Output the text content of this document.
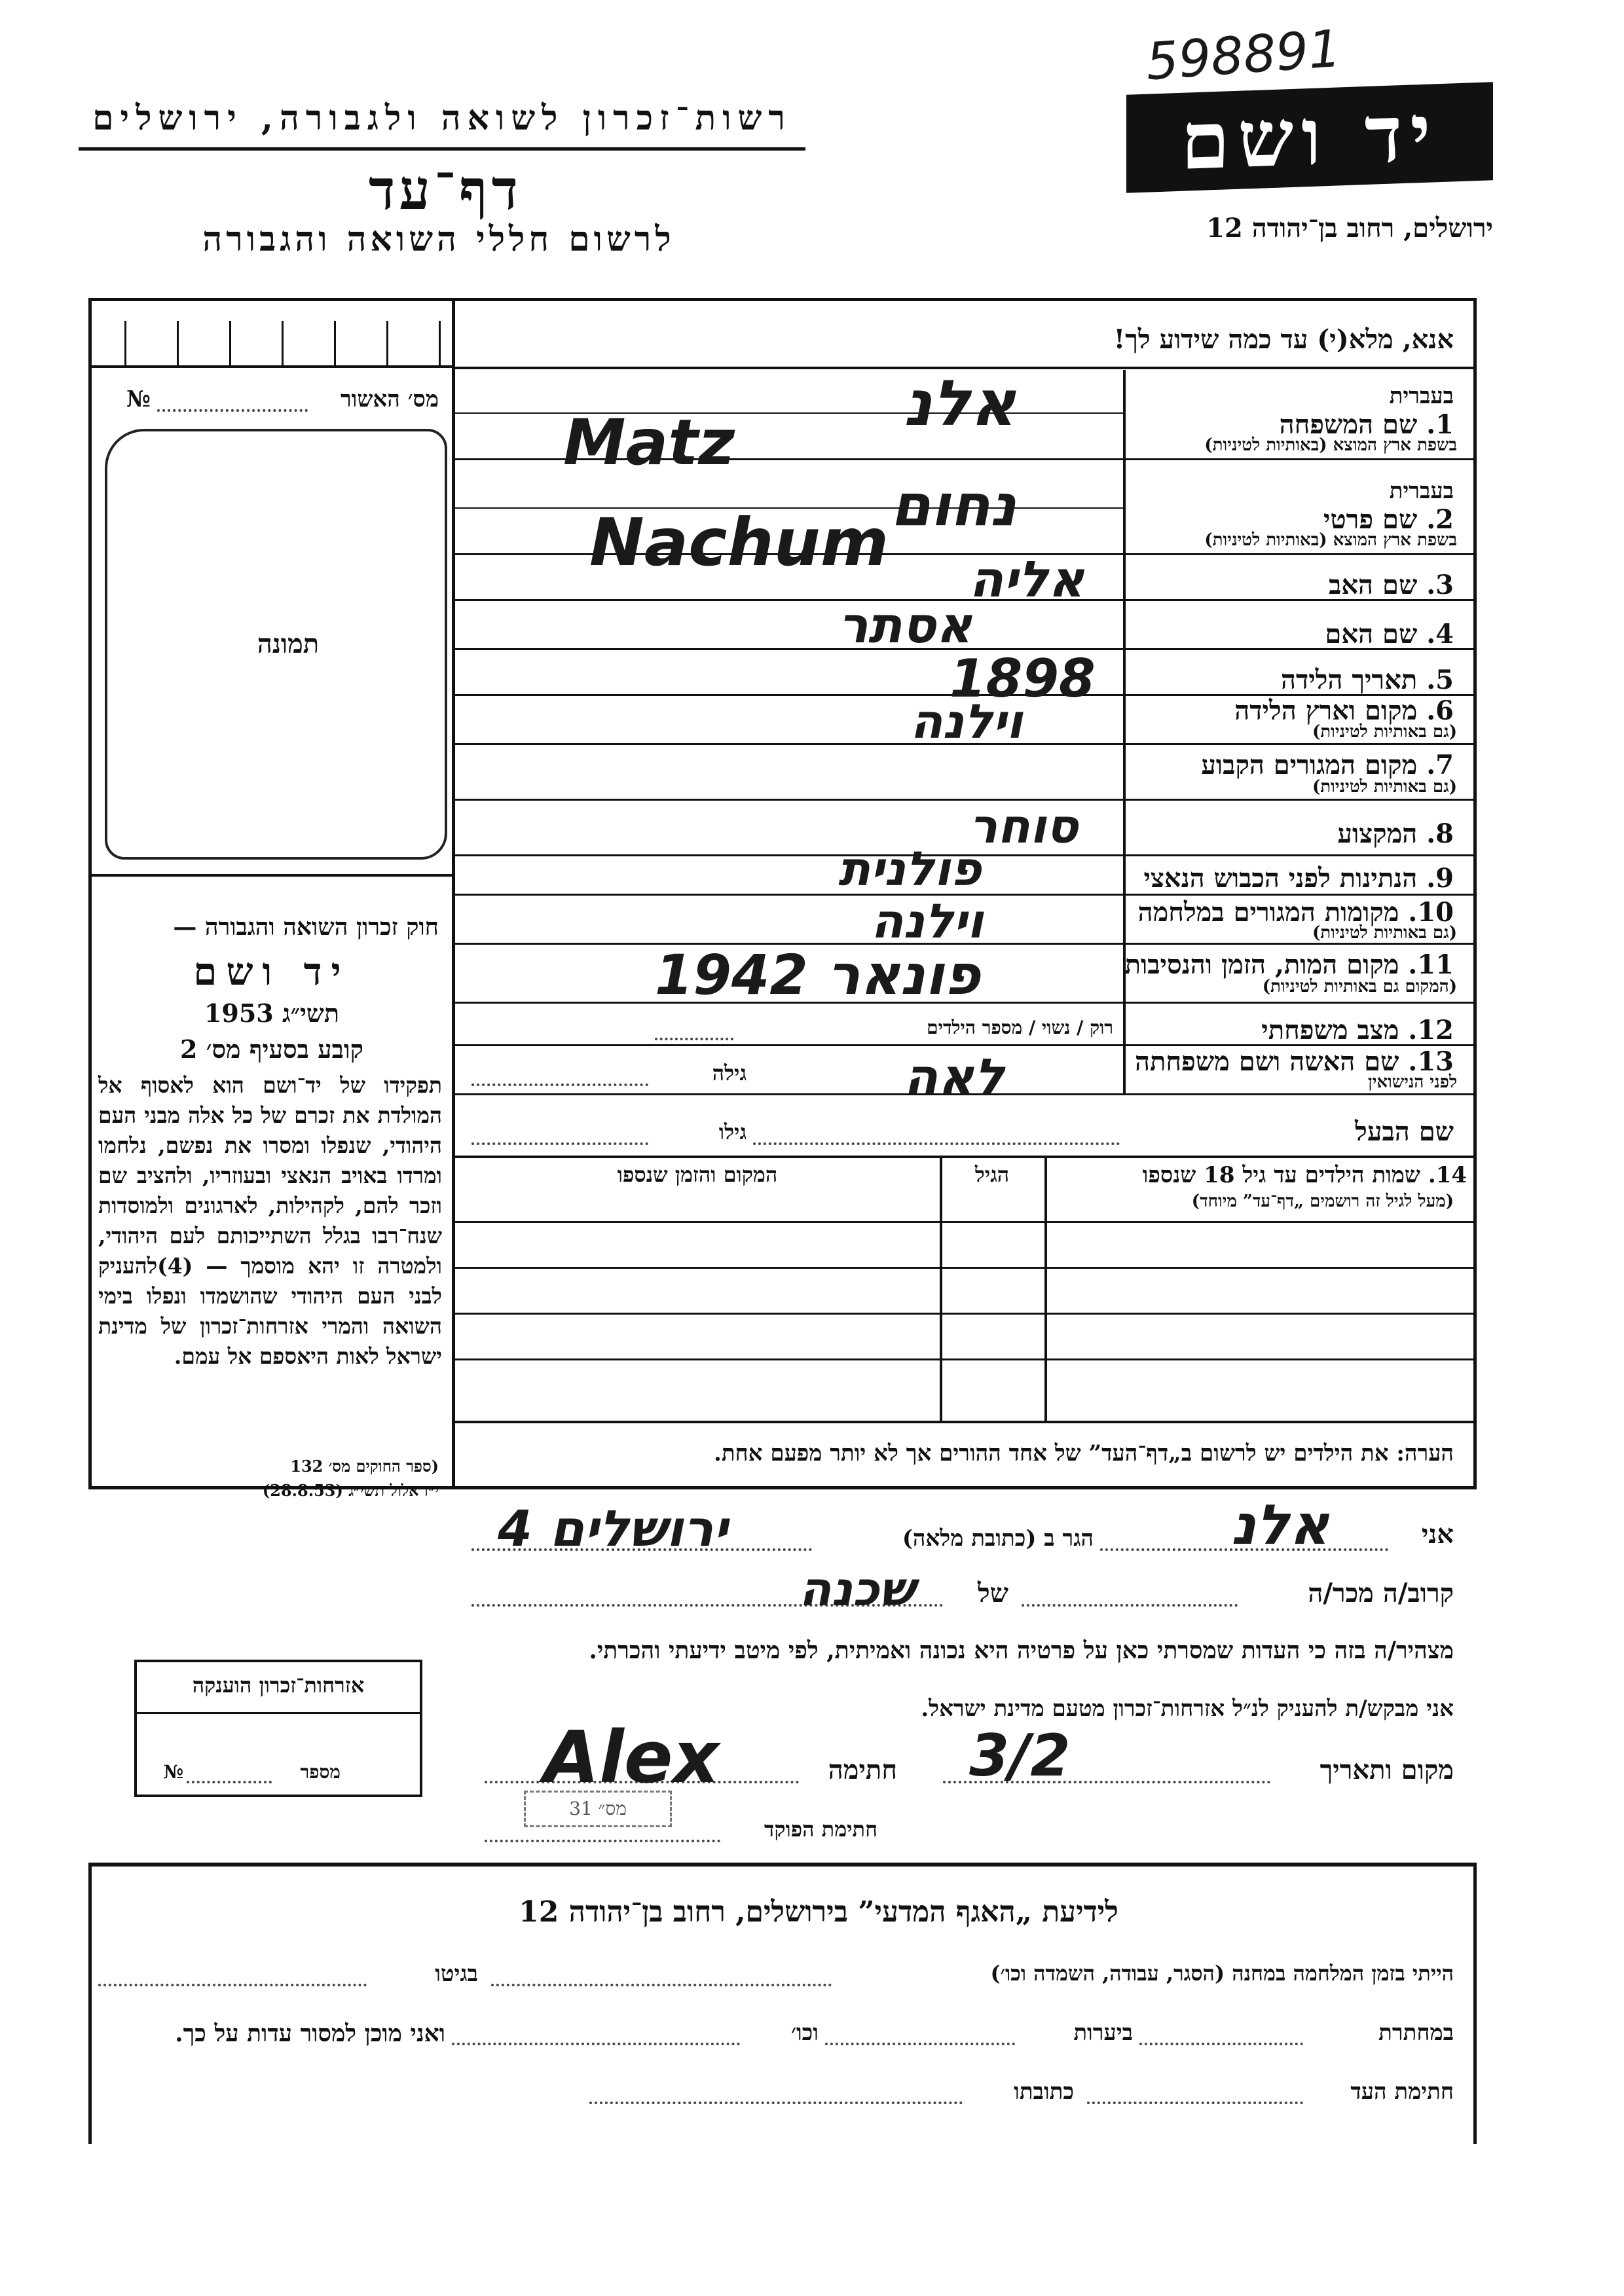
598891
רשות־זכרון לשואה ולגבורה, ירושלים
דף־עד
לרשום חללי השואה והגבורה
יד ושם
ירושלים, רחוב בן־יהודה 12
אנא, מלא(י) עד כמה שידוע לך!
מס׳ האשור
№
תמונה
חוק זכרון השואה והגבורה —
יד ושם
תשי״ג 1953
קובע בסעיף מס׳ 2
תפקידו של יד־ושם הוא לאסוף אל המולדת את זכרם של כל אלה מבני העם היהודי, שנפלו ומסרו את נפשם, נלחמו ומרדו באויב הנאצי ובעוזריו, ולהציב שם וזכר להם, לקהילות, לארגונים ולמוסדות שנח־רבו בגלל השתייכותם לעם היהודי, ולמטרה זו יהא מוסמך — (4)להעניק לבני העם היהודי שהושמדו ונפלו בימי השואה והמרי אזרחות־זכרון של מדינת ישראל לאות היאספם אל עמם.
(ספר החוקים מס׳ 132
י״ז אלול תשי״ג (28.8.53)
בעברית
1. שם המשפחה
בשפת ארץ המוצא (באותיות לטיניות)
בעברית
2. שם פרטי
בשפת ארץ המוצא (באותיות לטיניות)
3. שם האב
4. שם האם
5. תאריך הלידה
6. מקום וארץ הלידה
(גם באותיות לטיניות)
7. מקום המגורים הקבוע
(גם באותיות לטיניות)
8. המקצוע
9. הנתינות לפני הכבוש הנאצי
10. מקומות המגורים במלחמה
(גם באותיות לטיניות)
11. מקום המות, הזמן והנסיבות
(המקום גם באותיות לטיניות)
12. מצב משפחתי
13. שם האשה ושם משפחתה
לפני הנישואין
רוק / נשוי / מספר הילדים
גילה
שם הבעל
גילו
14. שמות הילדים עד גיל 18 שנספו
(מעל לגיל זה רושמים „דף־עד” מיוחד)
הגיל
המקום והזמן שנספו
הערה: את הילדים יש לרשום ב„דף־העד” של אחד ההורים אך לא יותר מפעם אחת.
אזרחות־זכרון הוענקה
מספר
№
אני
הגר ב (כתובת מלאה)
קרוב/ה מכר/ה
של
מצהיר/ה בזה כי העדות שמסרתי כאן על פרטיה היא נכונה ואמיתית, לפי מיטב ידיעתי והכרתי.
אני מבקש/ת להעניק לנ״ל אזרחות־זכרון מטעם מדינת ישראל.
מקום ותאריך
חתימה
מס״ 31
חתימת הפוקד
אלנ
Matz
נחום
Nachum אליה
אסתר
1898
וילנה
סוחר
פולנית
וילנה
פונאר 1942
לאה
אלנ
ירושלים 4
שכנה
3/2
Alex
לידיעת „האגף המדעי” בירושלים, רחוב בן־יהודה 12
הייתי בזמן המלחמה במחנה (הסגר, עבודה, השמדה וכו׳)
בגיטו
במחתרת
ביערות
וכו׳
ואני מוכן למסור עדות על כך.
חתימת העד
כתובתו
